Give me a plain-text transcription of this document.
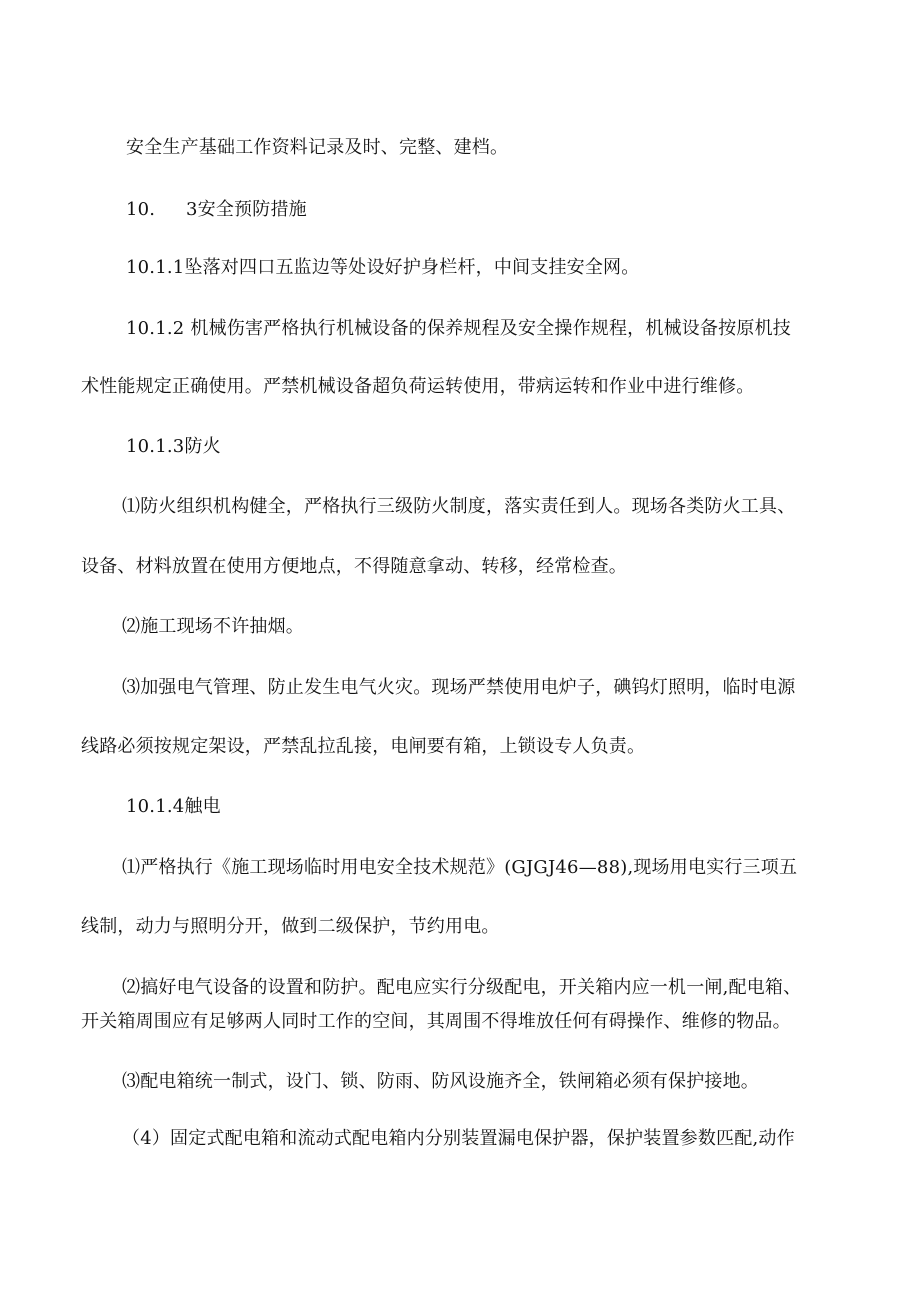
安全生产基础工作资料记录及时、完整、建档。
10. 3安全预防措施
10.1.1坠落对四口五监边等处设好护身栏杆，中间支挂安全网。
10.1.2 机械伤害严格执行机械设备的保养规程及安全操作规程，机械设备按原机技
术性能规定正确使用。严禁机械设备超负荷运转使用，带病运转和作业中进行维修。
10.1.3防火
⑴防火组织机构健全，严格执行三级防火制度，落实责任到人。现场各类防火工具、
设备、材料放置在使用方便地点，不得随意拿动、转移，经常检查。
⑵施工现场不许抽烟。
⑶加强电气管理、防止发生电气火灾。现场严禁使用电炉子，碘钨灯照明，临时电源
线路必须按规定架设，严禁乱拉乱接，电闸要有箱，上锁设专人负责。
10.1.4触电
⑴严格执行《施工现场临时用电安全技术规范》(GJGJ46—88),现场用电实行三项五
线制，动力与照明分开，做到二级保护，节约用电。
⑵搞好电气设备的设置和防护。配电应实行分级配电，开关箱内应一机一闸,配电箱、
开关箱周围应有足够两人同时工作的空间，其周围不得堆放任何有碍操作、维修的物品。
⑶配电箱统一制式，设门、锁、防雨、防风设施齐全，铁闸箱必须有保护接地。
（4）固定式配电箱和流动式配电箱内分别装置漏电保护器，保护装置参数匹配,动作
